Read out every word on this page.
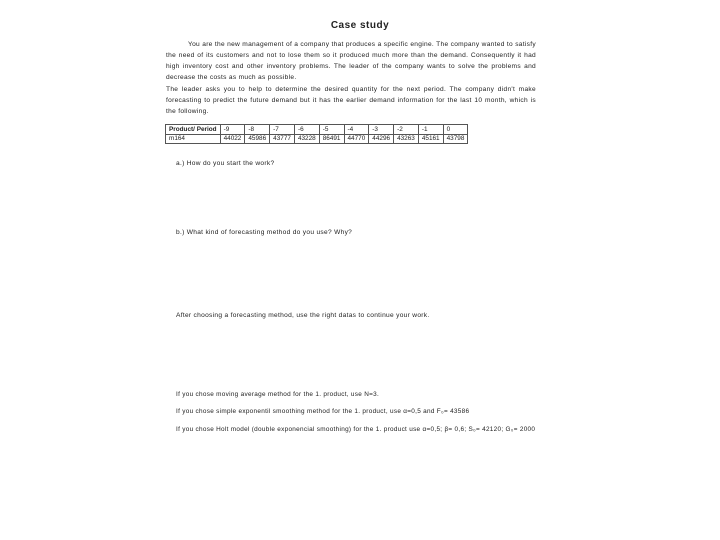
Case study
You are the new management of a company that produces a specific engine. The company wanted to satisfy the need of its customers and not to lose them so it produced much more than the demand. Consequently it had high inventory cost and other inventory problems. The leader of the company wants to solve the problems and decrease the costs as much as possible.
The leader asks you to help to determine the desired quantity for the next period. The company didn't make forecasting to predict the future demand but it has the earlier demand information for the last 10 month, which is the following.
Product/ Period	-9	-8	-7	-6	-5	-4	-3	-2	-1	0
m164	44022	45986	43777	43228	86491	44770	44296	43263	45161	43798
a.) How do you start the work?
b.) What kind of forecasting method do you use? Why?
After choosing a forecasting method, use the right datas to continue your work.
If you chose moving average method for the 1. product, use N=3.
If you chose simple exponentil smoothing method for the 1. product, use α=0,5 and F₀= 43586
If you chose Holt model (double exponencial smoothing) for the 1. product use α=0,5; β= 0,6; S₀= 42120; G₀= 2000
